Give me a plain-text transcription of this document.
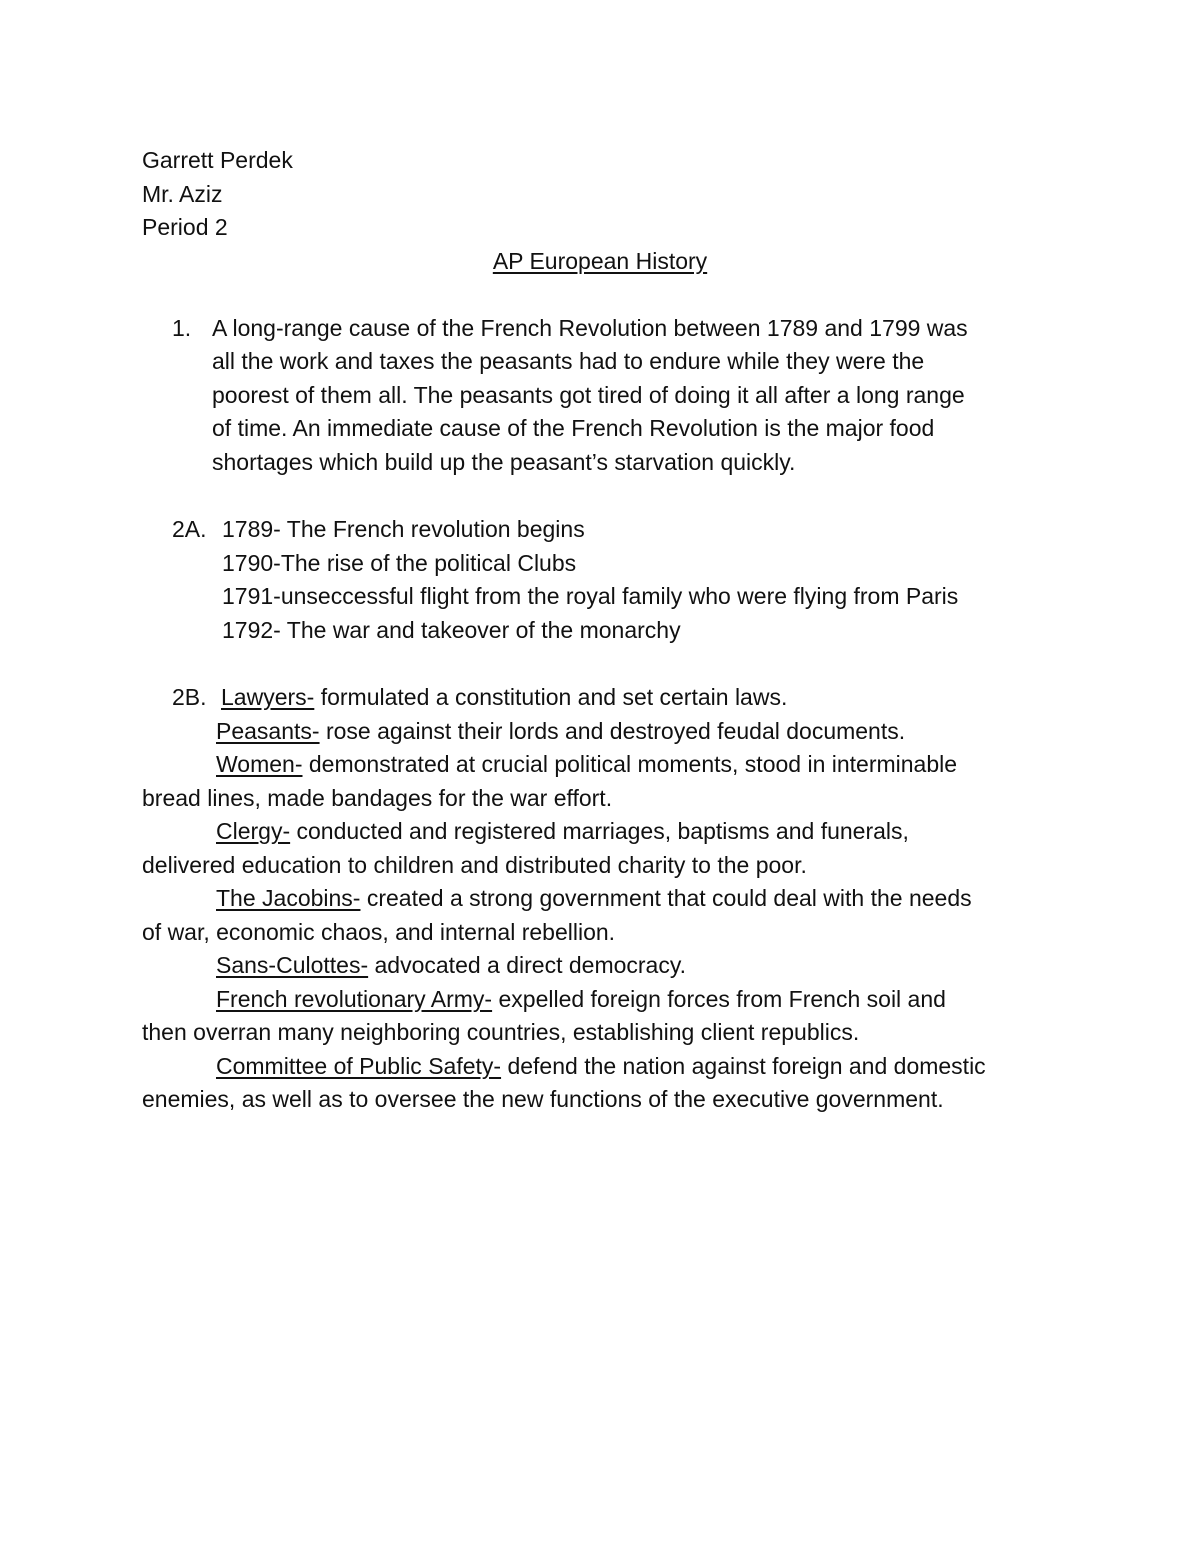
Garrett Perdek
Mr. Aziz
Period 2
AP European History
1. A long-range cause of the French Revolution between 1789 and 1799 was
all the work and taxes the peasants had to endure while they were the
poorest of them all. The peasants got tired of doing it all after a long range
of time. An immediate cause of the French Revolution is the major food
shortages which build up the peasant’s starvation quickly.
2A. 1789- The French revolution begins
1790-The rise of the political Clubs
1791-unseccessful flight from the royal family who were flying from Paris
1792- The war and takeover of the monarchy
2B. Lawyers- formulated a constitution and set certain laws.
Peasants- rose against their lords and destroyed feudal documents.
Women- demonstrated at crucial political moments, stood in interminable
bread lines, made bandages for the war effort.
Clergy- conducted and registered marriages, baptisms and funerals,
delivered education to children and distributed charity to the poor.
The Jacobins- created a strong government that could deal with the needs
of war, economic chaos, and internal rebellion.
Sans-Culottes- advocated a direct democracy.
French revolutionary Army- expelled foreign forces from French soil and
then overran many neighboring countries, establishing client republics.
Committee of Public Safety- defend the nation against foreign and domestic
enemies, as well as to oversee the new functions of the executive government.
